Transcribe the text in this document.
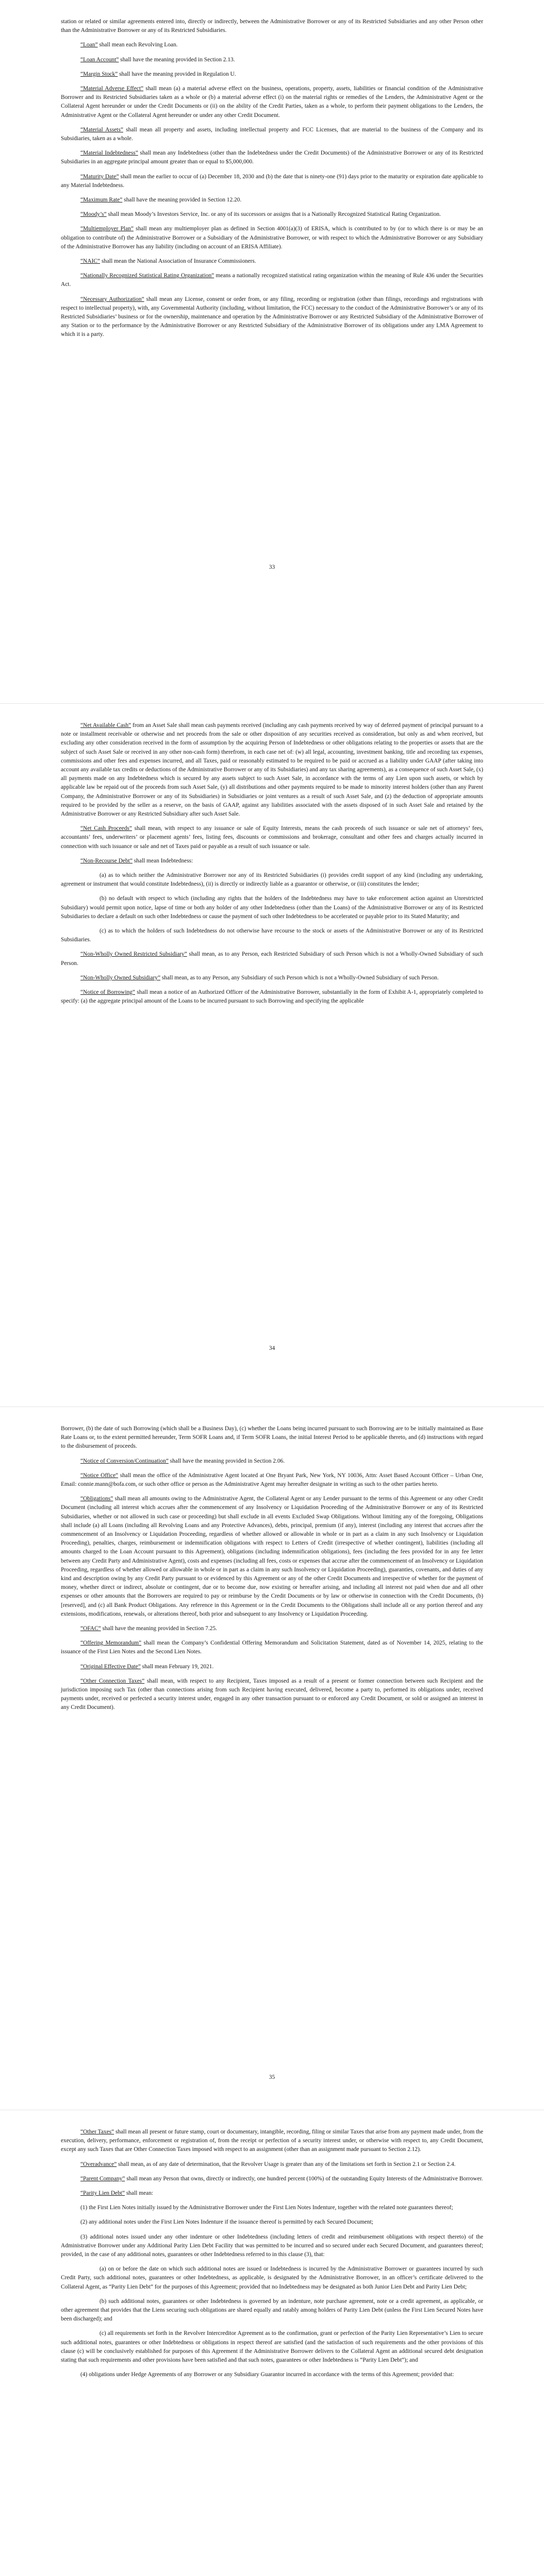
station or related or similar agreements entered into, directly or indirectly, between the Administrative Borrower or any of its Restricted Subsidiaries and any other Person other than the Administrative Borrower or any of its Restricted Subsidiaries.

“Loan” shall mean each Revolving Loan.

“Loan Account” shall have the meaning provided in Section 2.13.

“Margin Stock” shall have the meaning provided in Regulation U.

“Material Adverse Effect” shall mean (a) a material adverse effect on the business, operations, property, assets, liabilities or financial condition of the Administrative Borrower and its Restricted Subsidiaries taken as a whole or (b) a material adverse effect (i) on the material rights or remedies of the Lenders, the Administrative Agent or the Collateral Agent hereunder or under the Credit Documents or (ii) on the ability of the Credit Parties, taken as a whole, to perform their payment obligations to the Lenders, the Administrative Agent or the Collateral Agent hereunder or under any other Credit Document.

“Material Assets” shall mean all property and assets, including intellectual property and FCC Licenses, that are material to the business of the Company and its Subsidiaries, taken as a whole.

“Material Indebtedness” shall mean any Indebtedness (other than the Indebtedness under the Credit Documents) of the Administrative Borrower or any of its Restricted Subsidiaries in an aggregate principal amount greater than or equal to $5,000,000.

“Maturity Date” shall mean the earlier to occur of (a) December 18, 2030 and (b) the date that is ninety-one (91) days prior to the maturity or expiration date applicable to any Material Indebtedness.

“Maximum Rate” shall have the meaning provided in Section 12.20.

“Moody’s” shall mean Moody’s Investors Service, Inc. or any of its successors or assigns that is a Nationally Recognized Statistical Rating Organization.

“Multiemployer Plan” shall mean any multiemployer plan as defined in Section 4001(a)(3) of ERISA, which is contributed to by (or to which there is or may be an obligation to contribute of) the Administrative Borrower or a Subsidiary of the Administrative Borrower, or with respect to which the Administrative Borrower or any Subsidiary of the Administrative Borrower has any liability (including on account of an ERISA Affiliate).

“NAIC” shall mean the National Association of Insurance Commissioners.

“Nationally Recognized Statistical Rating Organization” means a nationally recognized statistical rating organization within the meaning of Rule 436 under the Securities Act.

“Necessary Authorization” shall mean any License, consent or order from, or any filing, recording or registration (other than filings, recordings and registrations with respect to intellectual property), with, any Governmental Authority (including, without limitation, the FCC) necessary to the conduct of the Administrative Borrower’s or any of its Restricted Subsidiaries’ business or for the ownership, maintenance and operation by the Administrative Borrower or any Restricted Subsidiary of the Administrative Borrower of any Station or to the performance by the Administrative Borrower or any Restricted Subsidiary of the Administrative Borrower of its obligations under any LMA Agreement to which it is a party.

33

“Net Available Cash” from an Asset Sale shall mean cash payments received (including any cash payments received by way of deferred payment of principal pursuant to a note or installment receivable or otherwise and net proceeds from the sale or other disposition of any securities received as consideration, but only as and when received, but excluding any other consideration received in the form of assumption by the acquiring Person of Indebtedness or other obligations relating to the properties or assets that are the subject of such Asset Sale or received in any other non-cash form) therefrom, in each case net of: (w) all legal, accounting, investment banking, title and recording tax expenses, commissions and other fees and expenses incurred, and all Taxes, paid or reasonably estimated to be required to be paid or accrued as a liability under GAAP (after taking into account any available tax credits or deductions of the Administrative Borrower or any of its Subsidiaries) and any tax sharing agreements), as a consequence of such Asset Sale, (x) all payments made on any Indebtedness which is secured by any assets subject to such Asset Sale, in accordance with the terms of any Lien upon such assets, or which by applicable law be repaid out of the proceeds from such Asset Sale, (y) all distributions and other payments required to be made to minority interest holders (other than any Parent Company, the Administrative Borrower or any of its Subsidiaries) in Subsidiaries or joint ventures as a result of such Asset Sale, and (z) the deduction of appropriate amounts required to be provided by the seller as a reserve, on the basis of GAAP, against any liabilities associated with the assets disposed of in such Asset Sale and retained by the Administrative Borrower or any Restricted Subsidiary after such Asset Sale.

“Net Cash Proceeds” shall mean, with respect to any issuance or sale of Equity Interests, means the cash proceeds of such issuance or sale net of attorneys’ fees, accountants’ fees, underwriters’ or placement agents’ fees, listing fees, discounts or commissions and brokerage, consultant and other fees and charges actually incurred in connection with such issuance or sale and net of Taxes paid or payable as a result of such issuance or sale.

“Non-Recourse Debt” shall mean Indebtedness:

(a) as to which neither the Administrative Borrower nor any of its Restricted Subsidiaries (i) provides credit support of any kind (including any undertaking, agreement or instrument that would constitute Indebtedness), (ii) is directly or indirectly liable as a guarantor or otherwise, or (iii) constitutes the lender;

(b) no default with respect to which (including any rights that the holders of the Indebtedness may have to take enforcement action against an Unrestricted Subsidiary) would permit upon notice, lapse of time or both any holder of any other Indebtedness (other than the Loans) of the Administrative Borrower or any of its Restricted Subsidiaries to declare a default on such other Indebtedness or cause the payment of such other Indebtedness to be accelerated or payable prior to its Stated Maturity; and

(c) as to which the holders of such Indebtedness do not otherwise have recourse to the stock or assets of the Administrative Borrower or any of its Restricted Subsidiaries.

“Non-Wholly Owned Restricted Subsidiary” shall mean, as to any Person, each Restricted Subsidiary of such Person which is not a Wholly-Owned Subsidiary of such Person.

“Non-Wholly Owned Subsidiary” shall mean, as to any Person, any Subsidiary of such Person which is not a Wholly-Owned Subsidiary of such Person.

“Notice of Borrowing” shall mean a notice of an Authorized Officer of the Administrative Borrower, substantially in the form of Exhibit A-1, appropriately completed to specify: (a) the aggregate principal amount of the Loans to be incurred pursuant to such Borrowing and specifying the applicable

34

Borrower, (b) the date of such Borrowing (which shall be a Business Day), (c) whether the Loans being incurred pursuant to such Borrowing are to be initially maintained as Base Rate Loans or, to the extent permitted hereunder, Term SOFR Loans and, if Term SOFR Loans, the initial Interest Period to be applicable thereto, and (d) instructions with regard to the disbursement of proceeds.

“Notice of Conversion/Continuation” shall have the meaning provided in Section 2.06.

“Notice Office” shall mean the office of the Administrative Agent located at One Bryant Park, New York, NY 10036, Attn: Asset Based Account Officer – Urban One, Email: connie.mann@bofa.com, or such other office or person as the Administrative Agent may hereafter designate in writing as such to the other parties hereto.

“Obligations” shall mean all amounts owing to the Administrative Agent, the Collateral Agent or any Lender pursuant to the terms of this Agreement or any other Credit Document (including all interest which accrues after the commencement of any Insolvency or Liquidation Proceeding of the Administrative Borrower or any of its Restricted Subsidiaries, whether or not allowed in such case or proceeding) but shall exclude in all events Excluded Swap Obligations. Without limiting any of the foregoing, Obligations shall include (a) all Loans (including all Revolving Loans and any Protective Advances), debts, principal, premium (if any), interest (including any interest that accrues after the commencement of an Insolvency or Liquidation Proceeding, regardless of whether allowed or allowable in whole or in part as a claim in any such Insolvency or Liquidation Proceeding), penalties, charges, reimbursement or indemnification obligations with respect to Letters of Credit (irrespective of whether contingent), liabilities (including all amounts charged to the Loan Account pursuant to this Agreement), obligations (including indemnification obligations), fees (including the fees provided for in any fee letter between any Credit Party and Administrative Agent), costs and expenses (including all fees, costs or expenses that accrue after the commencement of an Insolvency or Liquidation Proceeding, regardless of whether allowed or allowable in whole or in part as a claim in any such Insolvency or Liquidation Proceeding), guaranties, covenants, and duties of any kind and description owing by any Credit Party pursuant to or evidenced by this Agreement or any of the other Credit Documents and irrespective of whether for the payment of money, whether direct or indirect, absolute or contingent, due or to become due, now existing or hereafter arising, and including all interest not paid when due and all other expenses or other amounts that the Borrowers are required to pay or reimburse by the Credit Documents or by law or otherwise in connection with the Credit Documents, (b) [reserved], and (c) all Bank Product Obligations. Any reference in this Agreement or in the Credit Documents to the Obligations shall include all or any portion thereof and any extensions, modifications, renewals, or alterations thereof, both prior and subsequent to any Insolvency or Liquidation Proceeding.

“OFAC” shall have the meaning provided in Section 7.25.

“Offering Memorandum” shall mean the Company’s Confidential Offering Memorandum and Solicitation Statement, dated as of November 14, 2025, relating to the issuance of the First Lien Notes and the Second Lien Notes.

“Original Effective Date” shall mean February 19, 2021.

“Other Connection Taxes” shall mean, with respect to any Recipient, Taxes imposed as a result of a present or former connection between such Recipient and the jurisdiction imposing such Tax (other than connections arising from such Recipient having executed, delivered, become a party to, performed its obligations under, received payments under, received or perfected a security interest under, engaged in any other transaction pursuant to or enforced any Credit Document, or sold or assigned an interest in any Credit Document).

35

“Other Taxes” shall mean all present or future stamp, court or documentary, intangible, recording, filing or similar Taxes that arise from any payment made under, from the execution, delivery, performance, enforcement or registration of, from the receipt or perfection of a security interest under, or otherwise with respect to, any Credit Document, except any such Taxes that are Other Connection Taxes imposed with respect to an assignment (other than an assignment made pursuant to Section 2.12).

“Overadvance” shall mean, as of any date of determination, that the Revolver Usage is greater than any of the limitations set forth in Section 2.1 or Section 2.4.

“Parent Company” shall mean any Person that owns, directly or indirectly, one hundred percent (100%) of the outstanding Equity Interests of the Administrative Borrower.

“Parity Lien Debt” shall mean:

(1) the First Lien Notes initially issued by the Administrative Borrower under the First Lien Notes Indenture, together with the related note guarantees thereof;

(2) any additional notes under the First Lien Notes Indenture if the issuance thereof is permitted by each Secured Document;

(3) additional notes issued under any other indenture or other Indebtedness (including letters of credit and reimbursement obligations with respect thereto) of the Administrative Borrower under any Additional Parity Lien Debt Facility that was permitted to be incurred and so secured under each Secured Document, and guarantees thereof; provided, in the case of any additional notes, guarantees or other Indebtedness referred to in this clause (3), that:

(a) on or before the date on which such additional notes are issued or Indebtedness is incurred by the Administrative Borrower or guarantees incurred by such Credit Party, such additional notes, guarantees or other Indebtedness, as applicable, is designated by the Administrative Borrower, in an officer’s certificate delivered to the Collateral Agent, as “Parity Lien Debt” for the purposes of this Agreement; provided that no Indebtedness may be designated as both Junior Lien Debt and Parity Lien Debt;

(b) such additional notes, guarantees or other Indebtedness is governed by an indenture, note purchase agreement, note or a credit agreement, as applicable, or other agreement that provides that the Liens securing such obligations are shared equally and ratably among holders of Parity Lien Debt (unless the First Lien Secured Notes have been discharged); and

(c) all requirements set forth in the Revolver Intercreditor Agreement as to the confirmation, grant or perfection of the Parity Lien Representative’s Lien to secure such additional notes, guarantees or other Indebtedness or obligations in respect thereof are satisfied (and the satisfaction of such requirements and the other provisions of this clause (c) will be conclusively established for purposes of this Agreement if the Administrative Borrower delivers to the Collateral Agent an additional secured debt designation stating that such requirements and other provisions have been satisfied and that such notes, guarantees or other Indebtedness is “Parity Lien Debt”); and

(4) obligations under Hedge Agreements of any Borrower or any Subsidiary Guarantor incurred in accordance with the terms of this Agreement; provided that:
